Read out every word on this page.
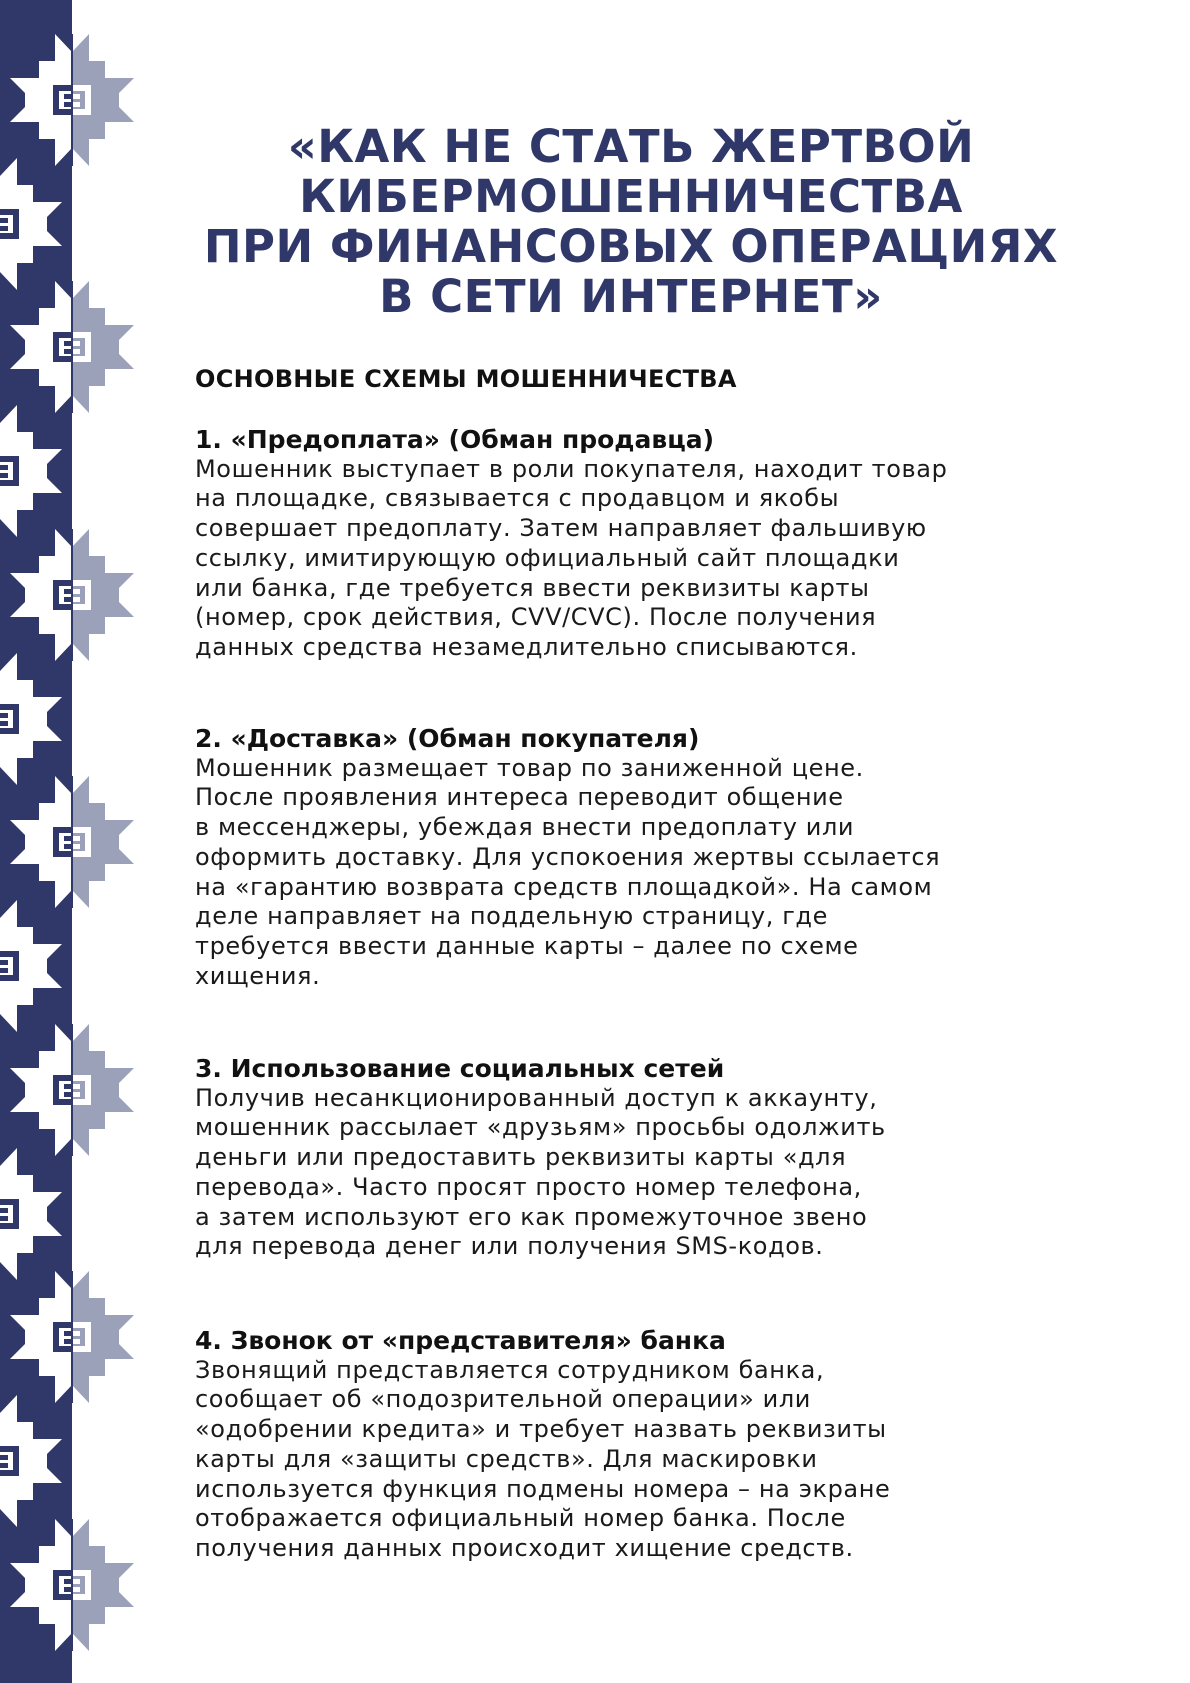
«КАК НЕ СТАТЬ ЖЕРТВОЙ
КИБЕРМОШЕННИЧЕСТВА
ПРИ ФИНАНСОВЫХ ОПЕРАЦИЯХ
В СЕТИ ИНТЕРНЕТ»
ОСНОВНЫЕ СХЕМЫ МОШЕННИЧЕСТВА
1. «Предоплата» (Обман продавца)
Мошенник выступает в роли покупателя, находит товар
на площадке, связывается с продавцом и якобы
совершает предоплату. Затем направляет фальшивую
ссылку, имитирующую официальный сайт площадки
или банка, где требуется ввести реквизиты карты
(номер, срок действия, CVV/CVC). После получения
данных средства незамедлительно списываются.
2. «Доставка» (Обман покупателя)
Мошенник размещает товар по заниженной цене.
После проявления интереса переводит общение
в мессенджеры, убеждая внести предоплату или
оформить доставку. Для успокоения жертвы ссылается
на «гарантию возврата средств площадкой». На самом
деле направляет на поддельную страницу, где
требуется ввести данные карты – далее по схеме
хищения.
3. Использование социальных сетей
Получив несанкционированный доступ к аккаунту,
мошенник рассылает «друзьям» просьбы одолжить
деньги или предоставить реквизиты карты «для
перевода». Часто просят просто номер телефона,
а затем используют его как промежуточное звено
для перевода денег или получения SMS-кодов.
4. Звонок от «представителя» банка
Звонящий представляется сотрудником банка,
сообщает об «подозрительной операции» или
«одобрении кредита» и требует назвать реквизиты
карты для «защиты средств». Для маскировки
используется функция подмены номера – на экране
отображается официальный номер банка. После
получения данных происходит хищение средств.
